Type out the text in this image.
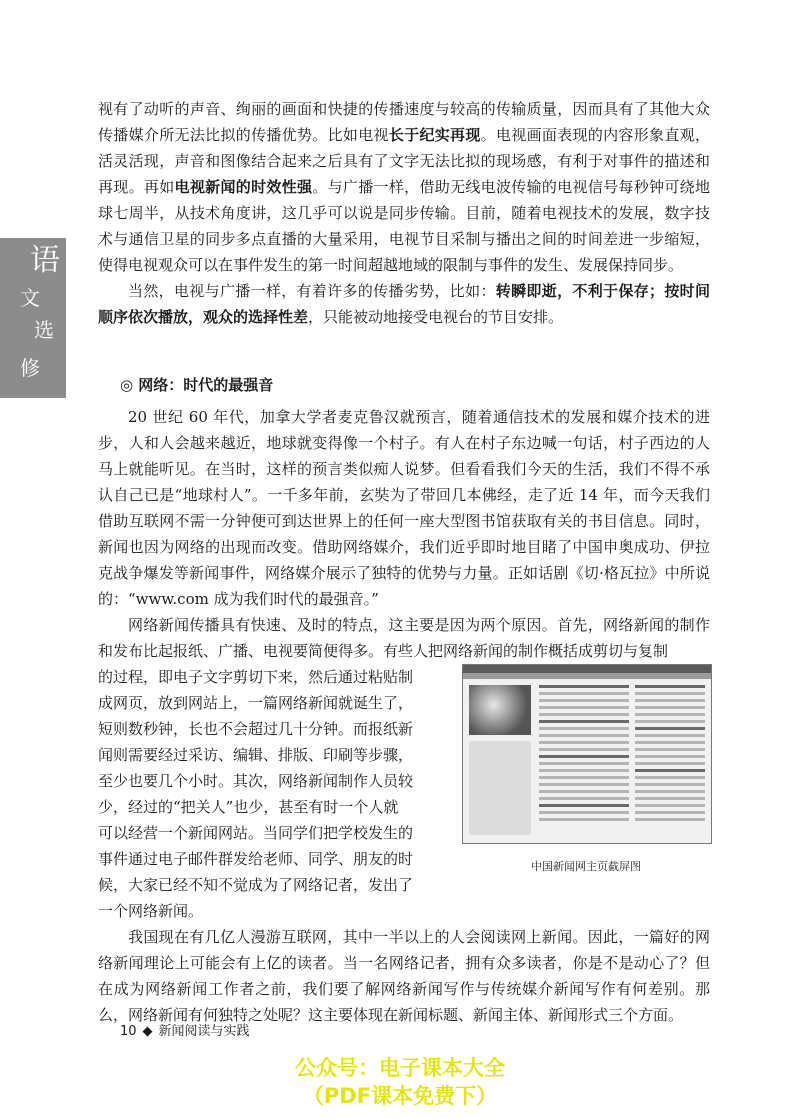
语
文
选
修

视有了动听的声音、绚丽的画面和快捷的传播速度与较高的传输质量，因而具有了其他大众传播媒介所无法比拟的传播优势。比如电视长于纪实再现。电视画面表现的内容形象直观，活灵活现，声音和图像结合起来之后具有了文字无法比拟的现场感，有利于对事件的描述和再现。再如电视新闻的时效性强。与广播一样，借助无线电波传输的电视信号每秒钟可绕地球七周半，从技术角度讲，这几乎可以说是同步传输。目前，随着电视技术的发展，数字技术与通信卫星的同步多点直播的大量采用，电视节目采制与播出之间的时间差进一步缩短，使得电视观众可以在事件发生的第一时间超越地域的限制与事件的发生、发展保持同步。

当然，电视与广播一样，有着许多的传播劣势，比如：转瞬即逝，不利于保存；按时间顺序依次播放，观众的选择性差，只能被动地接受电视台的节目安排。

◎ 网络：时代的最强音

20 世纪 60 年代，加拿大学者麦克鲁汉就预言，随着通信技术的发展和媒介技术的进步，人和人会越来越近，地球就变得像一个村子。有人在村子东边喊一句话，村子西边的人马上就能听见。在当时，这样的预言类似痴人说梦。但看看我们今天的生活，我们不得不承认自己已是“地球村人”。一千多年前，玄奘为了带回几本佛经，走了近 14 年，而今天我们借助互联网不需一分钟便可到达世界上的任何一座大型图书馆获取有关的书目信息。同时，新闻也因为网络的出现而改变。借助网络媒介，我们近乎即时地目睹了中国申奥成功、伊拉克战争爆发等新闻事件，网络媒介展示了独特的优势与力量。正如话剧《切·格瓦拉》中所说的：“www.com 成为我们时代的最强音。”

网络新闻传播具有快速、及时的特点，这主要是因为两个原因。首先，网络新闻的制作和发布比起报纸、广播、电视要简便得多。有些人把网络新闻的制作概括成剪切与复制

的过程，即电子文字剪切下来，然后通过粘贴制
成网页，放到网站上，一篇网络新闻就诞生了，
短则数秒钟，长也不会超过几十分钟。而报纸新
闻则需要经过采访、编辑、排版、印刷等步骤，
至少也要几个小时。其次，网络新闻制作人员较
少，经过的“把关人”也少，甚至有时一个人就
可以经营一个新闻网站。当同学们把学校发生的
事件通过电子邮件群发给老师、同学、朋友的时
候，大家已经不知不觉成为了网络记者，发出了
一个网络新闻。
中国新闻网主页截屏图

我国现在有几亿人漫游互联网，其中一半以上的人会阅读网上新闻。因此，一篇好的网络新闻理论上可能会有上亿的读者。当一名网络记者，拥有众多读者，你是不是动心了？但在成为网络新闻工作者之前，我们要了解网络新闻写作与传统媒介新闻写作有何差别。那么，网络新闻有何独特之处呢？这主要体现在新闻标题、新闻主体、新闻形式三个方面。

10 ◆ 新闻阅读与实践
公众号：电子课本大全
（PDF课本免费下）
